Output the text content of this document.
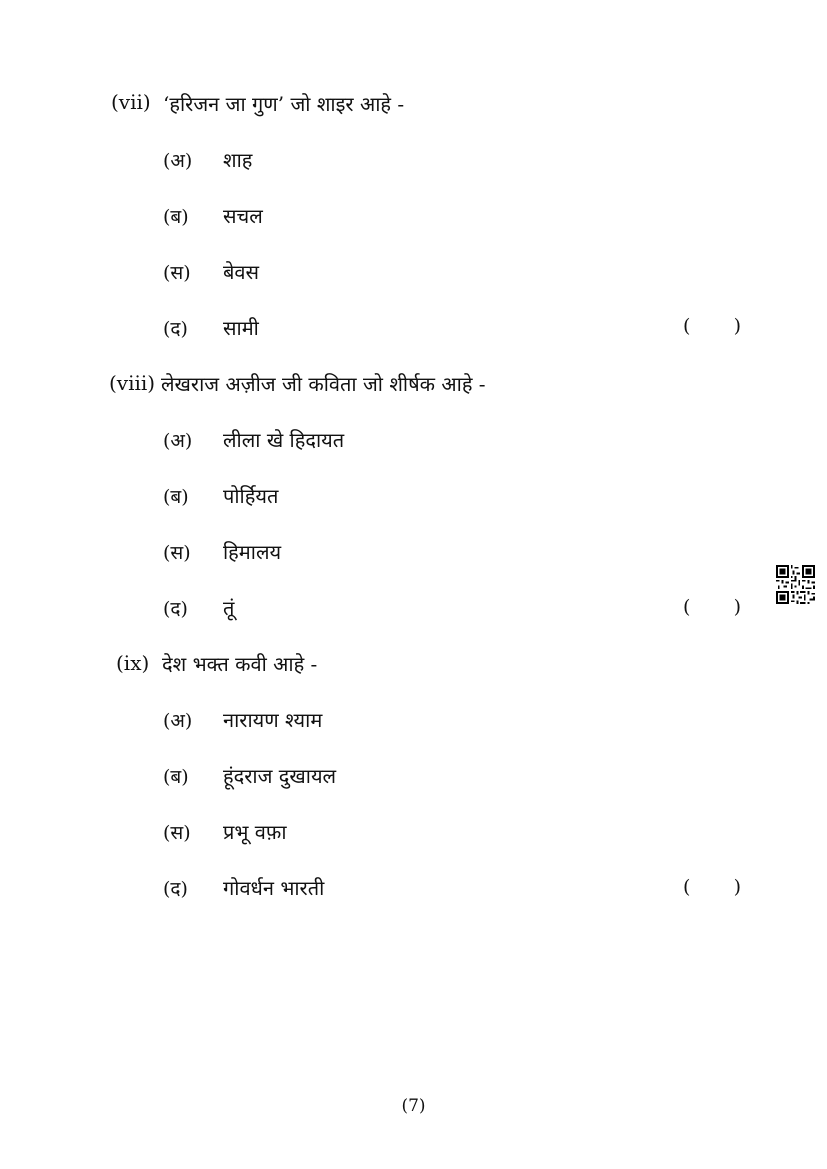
(vii) ‘हरिजन जा गुण’ जो शाइर आहे -
(अ) शाह
(ब) सचल
(स) बेवस
(द) सामी	( )
(viii) लेखराज अज़ीज जी कविता जो शीर्षक आहे -
(अ) लीला खे हिदायत
(ब) पोर्हियत
(स) हिमालय
(द) तूं	( )
(ix) देश भक्त कवी आहे -
(अ) नारायण श्याम
(ब) हूंदराज दुखायल
(स) प्रभू वफ़ा
(द) गोवर्धन भारती	( )
(7)
